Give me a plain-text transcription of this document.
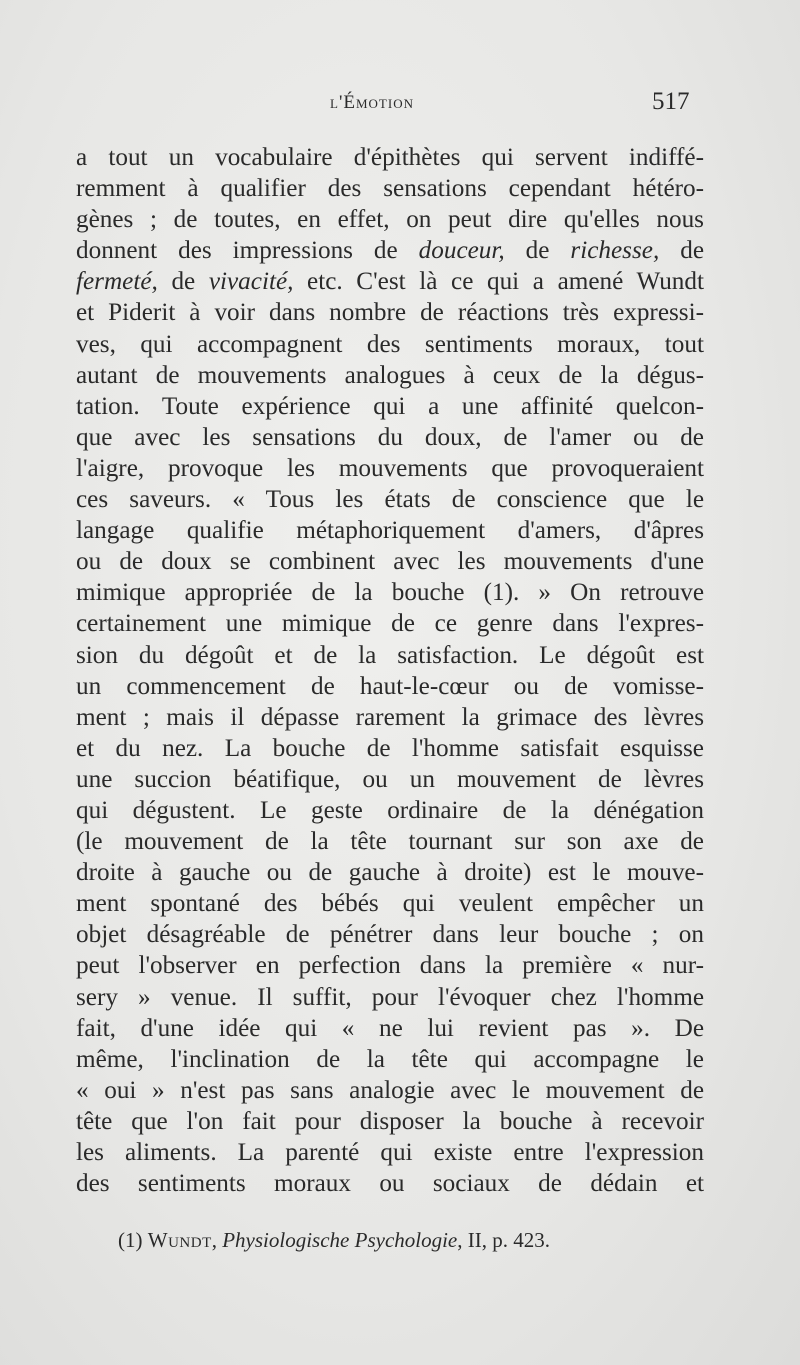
l'Émotion	517
a tout un vocabulaire d'épithètes qui servent indiffé-
remment à qualifier des sensations cependant hétéro-
gènes ; de toutes, en effet, on peut dire qu'elles nous
donnent des impressions de douceur, de richesse, de
fermeté, de vivacité, etc. C'est là ce qui a amené Wundt
et Piderit à voir dans nombre de réactions très expressi-
ves, qui accompagnent des sentiments moraux, tout
autant de mouvements analogues à ceux de la dégus-
tation. Toute expérience qui a une affinité quelcon-
que avec les sensations du doux, de l'amer ou de
l'aigre, provoque les mouvements que provoqueraient
ces saveurs. « Tous les états de conscience que le
langage qualifie métaphoriquement d'amers, d'âpres
ou de doux se combinent avec les mouvements d'une
mimique appropriée de la bouche (1). » On retrouve
certainement une mimique de ce genre dans l'expres-
sion du dégoût et de la satisfaction. Le dégoût est
un commencement de haut-le-cœur ou de vomisse-
ment ; mais il dépasse rarement la grimace des lèvres
et du nez. La bouche de l'homme satisfait esquisse
une succion béatifique, ou un mouvement de lèvres
qui dégustent. Le geste ordinaire de la dénégation
(le mouvement de la tête tournant sur son axe de
droite à gauche ou de gauche à droite) est le mouve-
ment spontané des bébés qui veulent empêcher un
objet désagréable de pénétrer dans leur bouche ; on
peut l'observer en perfection dans la première « nur-
sery » venue. Il suffit, pour l'évoquer chez l'homme
fait, d'une idée qui « ne lui revient pas ». De
même, l'inclination de la tête qui accompagne le
« oui » n'est pas sans analogie avec le mouvement de
tête que l'on fait pour disposer la bouche à recevoir
les aliments. La parenté qui existe entre l'expression
des sentiments moraux ou sociaux de dédain et
(1) Wundt, Physiologische Psychologie, II, p. 423.
